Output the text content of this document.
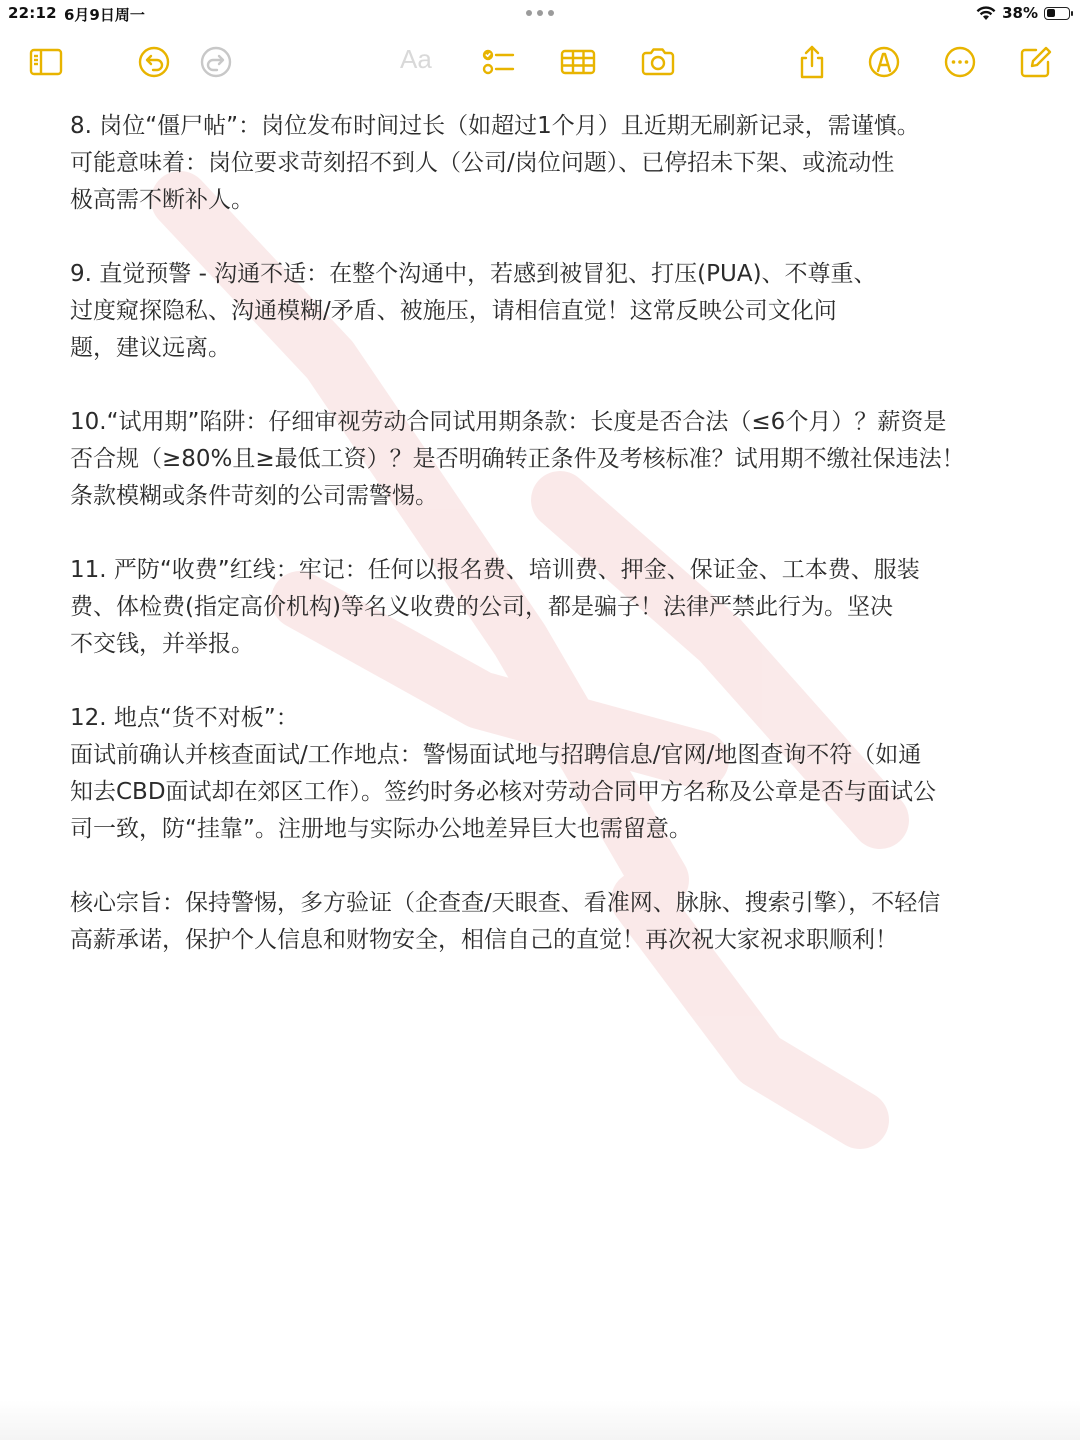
22:12 6月9日周一	38%
Aa
8. 岗位“僵尸帖”：岗位发布时间过长（如超过1个月）且近期无刷新记录，需谨慎。
可能意味着：岗位要求苛刻招不到人（公司/岗位问题）、已停招未下架、或流动性
极高需不断补人。
9. 直觉预警 - 沟通不适：在整个沟通中，若感到被冒犯、打压(PUA)、不尊重、
过度窥探隐私、沟通模糊/矛盾、被施压，请相信直觉！这常反映公司文化问
题，建议远离。
10.“试用期”陷阱：仔细审视劳动合同试用期条款：长度是否合法（≤6个月）？薪资是
否合规（≥80%且≥最低工资）？是否明确转正条件及考核标准？试用期不缴社保违法！
条款模糊或条件苛刻的公司需警惕。
11. 严防“收费”红线：牢记：任何以报名费、培训费、押金、保证金、工本费、服装
费、体检费(指定高价机构)等名义收费的公司，都是骗子！法律严禁此行为。坚决
不交钱，并举报。
12. 地点“货不对板”：
面试前确认并核查面试/工作地点：警惕面试地与招聘信息/官网/地图查询不符（如通
知去CBD面试却在郊区工作）。签约时务必核对劳动合同甲方名称及公章是否与面试公
司一致，防“挂靠”。注册地与实际办公地差异巨大也需留意。
核心宗旨：保持警惕，多方验证（企查查/天眼查、看准网、脉脉、搜索引擎），不轻信
高薪承诺，保护个人信息和财物安全，相信自己的直觉！再次祝大家祝求职顺利！
